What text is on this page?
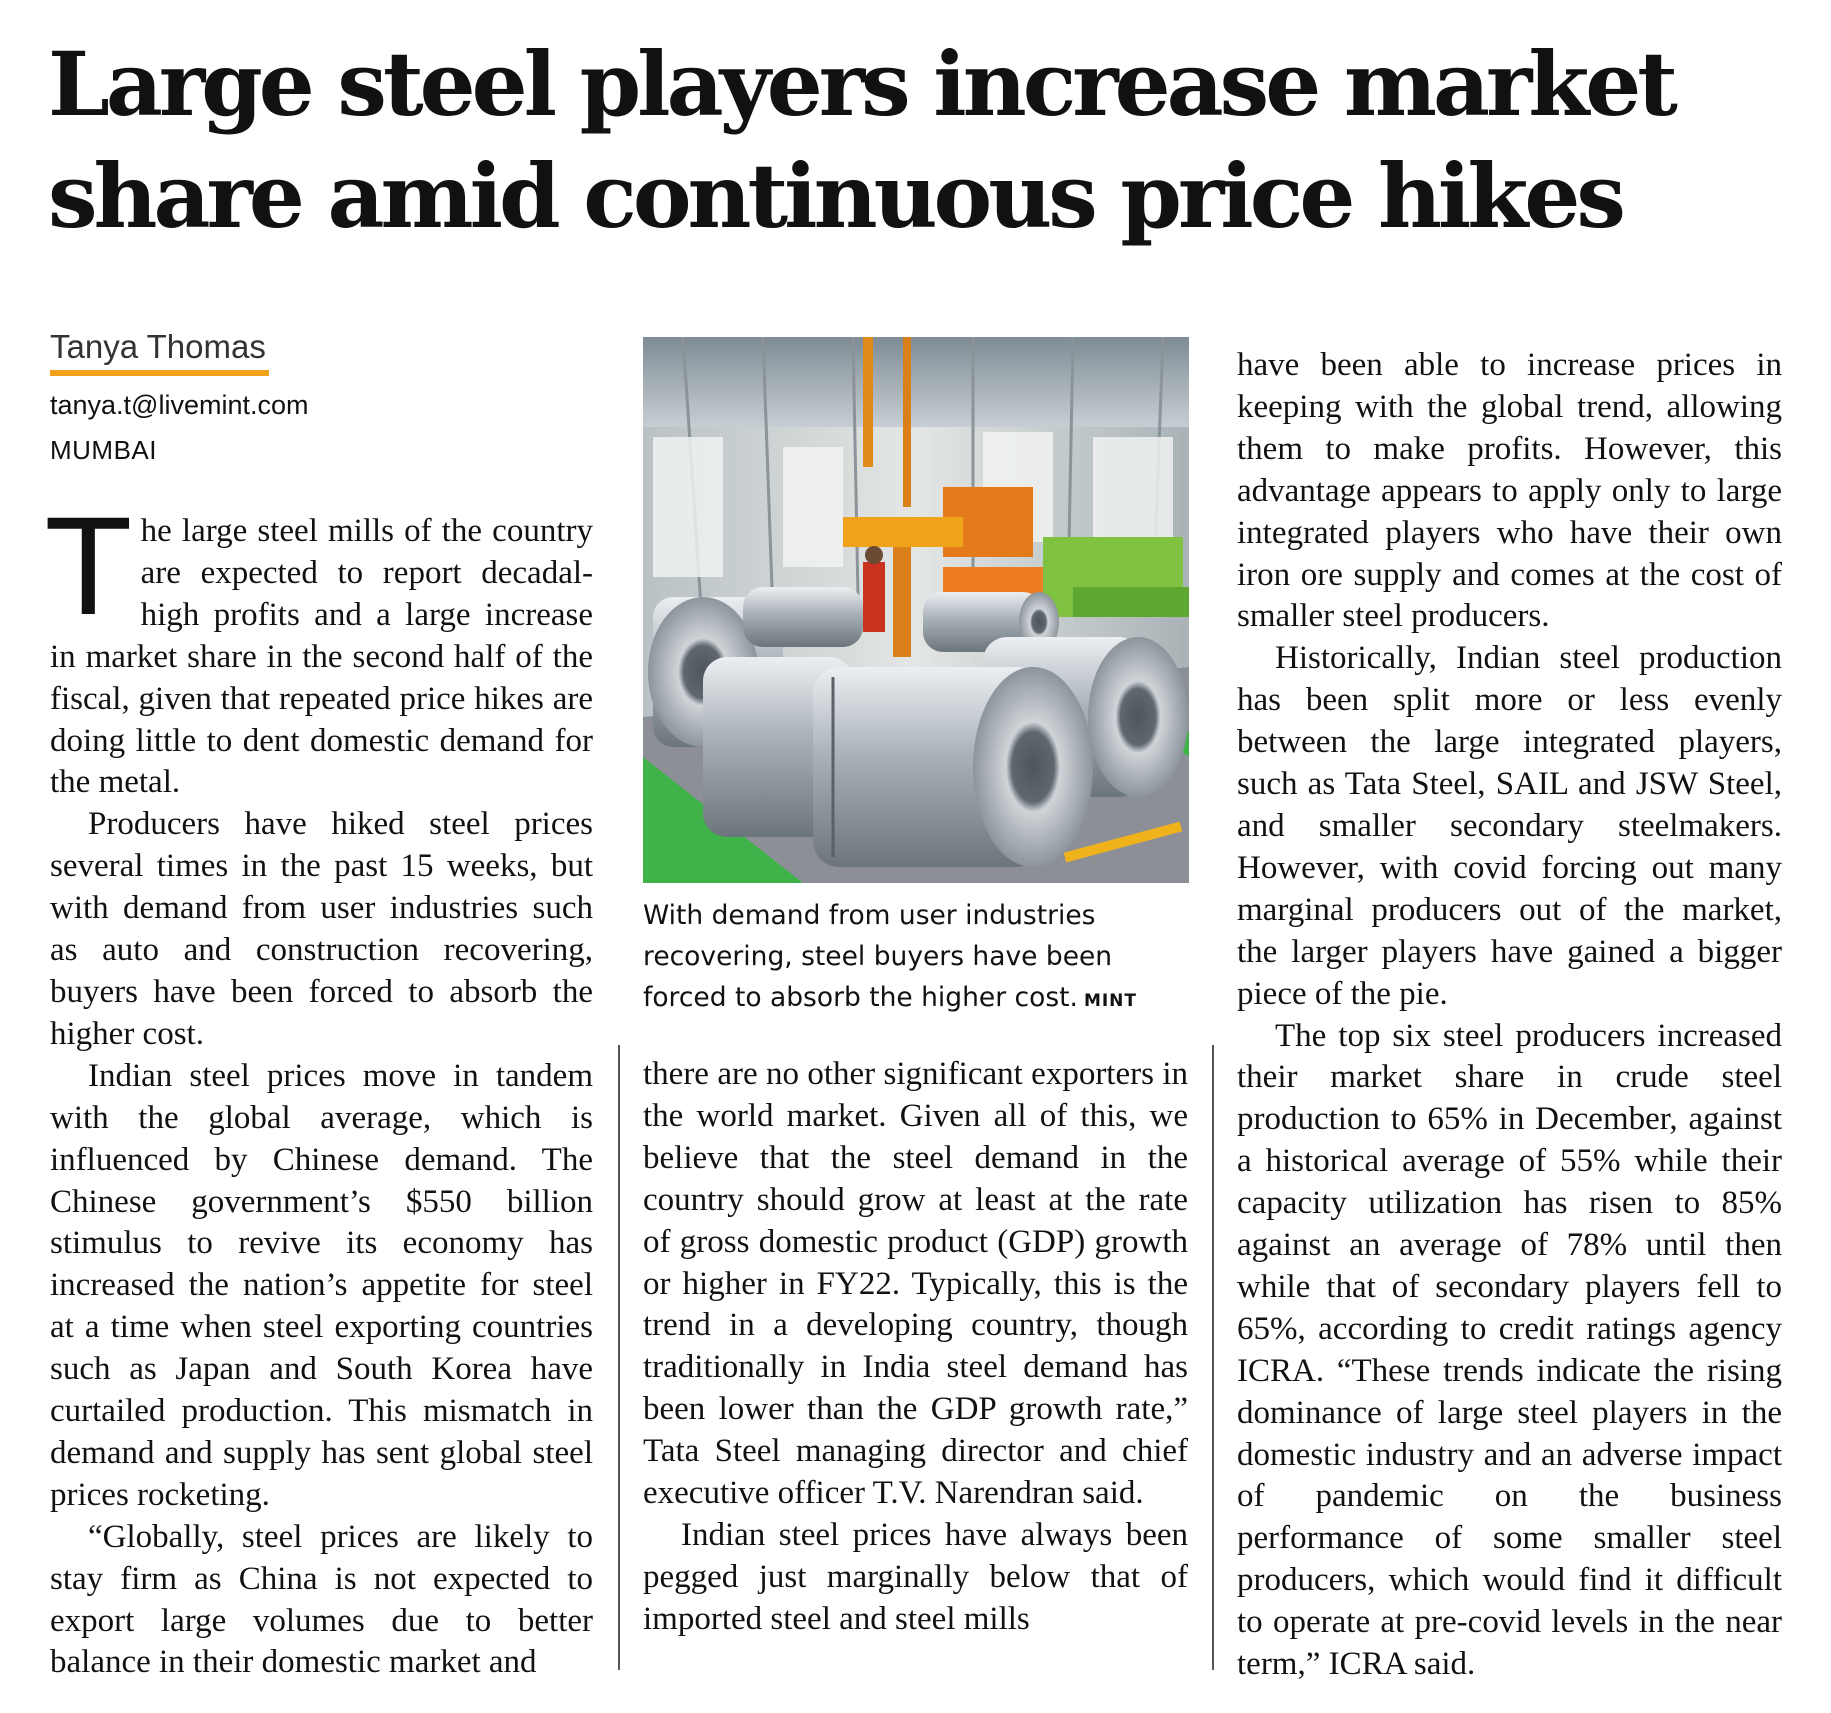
Large steel players increase market share amid continuous price hikes
Tanya Thomas
tanya.t@livemint.com
MUMBAI

The large steel mills of the country are expected to report decadal-high profits and a large increase in market share in the second half of the fiscal, given that repeated price hikes are doing little to dent domestic demand for the metal.

Producers have hiked steel prices several times in the past 15 weeks, but with demand from user industries such as auto and construction recovering, buyers have been forced to absorb the higher cost.

Indian steel prices move in tandem with the global average, which is influenced by Chinese demand. The Chinese government’s $550 billion stimulus to revive its economy has increased the nation’s appetite for steel at a time when steel exporting countries such as Japan and South Korea have curtailed production. This mismatch in demand and supply has sent global steel prices rocketing.

“Globally, steel prices are likely to stay firm as China is not expected to export large volumes due to better balance in their domestic market and

With demand from user industries recovering, steel buyers have been forced to absorb the higher cost. MINT

there are no other significant exporters in the world market. Given all of this, we believe that the steel demand in the country should grow at least at the rate of gross domestic product (GDP) growth or higher in FY22. Typically, this is the trend in a developing country, though traditionally in India steel demand has been lower than the GDP growth rate,” Tata Steel managing director and chief executive officer T.V. Narendran said.

Indian steel prices have always been pegged just marginally below that of imported steel and steel mills

have been able to increase prices in keeping with the global trend, allowing them to make profits. However, this advantage appears to apply only to large integrated players who have their own iron ore supply and comes at the cost of smaller steel producers.

Historically, Indian steel production has been split more or less evenly between the large integrated players, such as Tata Steel, SAIL and JSW Steel, and smaller secondary steelmakers. However, with covid forcing out many marginal producers out of the market, the larger players have gained a bigger piece of the pie.

The top six steel producers increased their market share in crude steel production to 65% in December, against a historical average of 55% while their capacity utilization has risen to 85% against an average of 78% until then while that of secondary players fell to 65%, according to credit ratings agency ICRA. “These trends indicate the rising dominance of large steel players in the domestic industry and an adverse impact of pandemic on the business performance of some smaller steel producers, which would find it difficult to operate at pre-covid levels in the near term,” ICRA said.
